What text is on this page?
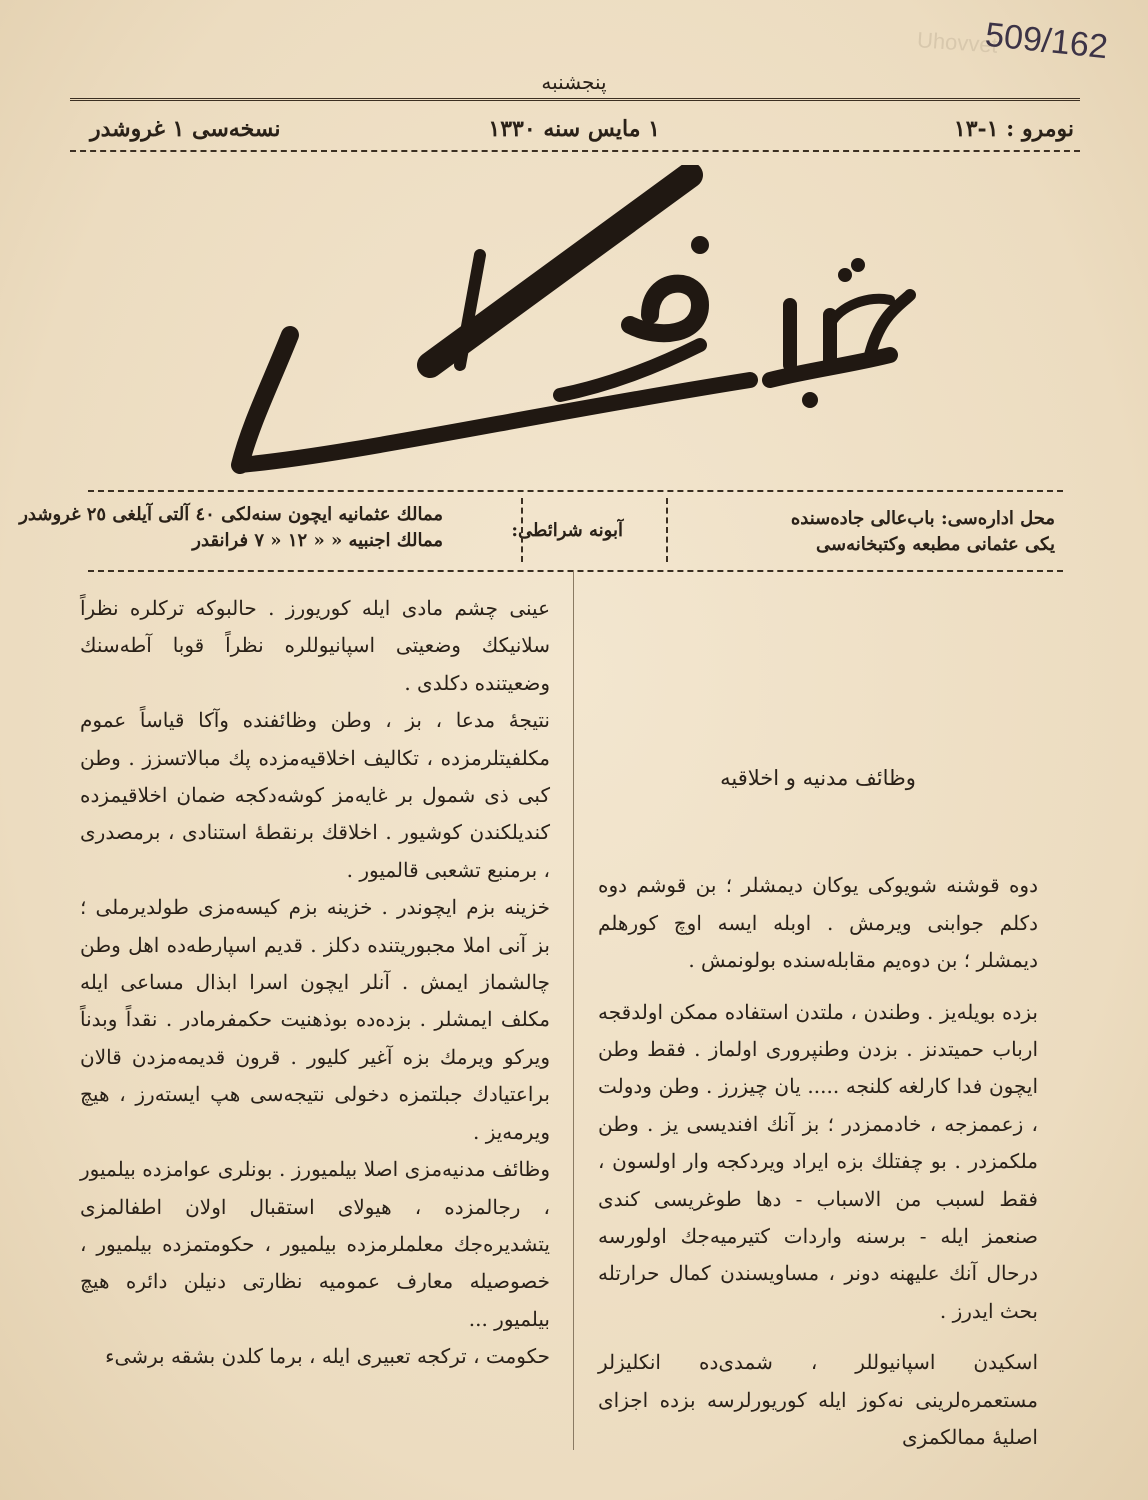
Uhovvet
509/162
پنجشنبه
نومرو : ١-١٣
١ مايس سنه ١٣٣٠
نسخه‌سی ١ غروشدر
محل اداره‌سی: باب‌عالی جاده‌سنده
يكی عثمانی مطبعه وكتبخانه‌سی
آبونه شرائطی:
ممالك عثمانيه ايچون سنه‌لكی ٤٠ آلتی آيلغی ٢٥ غروشدر
ممالك اجنبيه « « ١٢ « ٧ فرانقدر

وظائف مدنيه و اخلاقيه

دوه قوشنه شويوكی يوكان ديمشلر ؛ بن قوشم دوه دكلم جوابنی ويرمش . اوبله ايسه اوچ كورهلم ديمشلر ؛ بن دوه‌يم مقابله‌سنده بولونمش .

بزده بويله‌يز . وطندن ، ملتدن استفاده ممكن اولدقجه ارباب حميتدنز . بزدن وطنپروری اولماز . فقط وطن ايچون فدا كارلغه كلنجه ..... يان چيزرز . وطن ودولت ، زعممزجه ، خادممزدر ؛ بز آنك افنديسی يز . وطن ملكمزدر . بو چفتلك بزه ايراد ويردكجه وار اولسون ، فقط لسبب من الاسباب - دها طوغريسی كندی صنعمز ايله - برسنه واردات كتيرميه‌جك اولورسه درحال آنك عليهنه دونر ، مساويسندن كمال حرارتله بحث ايدرز .

اسكيدن اسپانيوللر ، شمدی‌ده انكليزلر مستعمره‌لرينی نه‌كوز ايله كوريورلرسه بزده اجزای اصليهٔ ممالكمزی

عينی چشم مادی ايله كوريورز . حالبوكه تركلره نظراً سلانيكك وضعيتی اسپانيوللره نظراً قوبا آطه‌سنك وضعيتنده دكلدی .

نتيجهٔ مدعا ، بز ، وطن وظائفنده وآكا قياساً عموم مكلفيتلرمزده ، تكاليف اخلاقيه‌مزده پك مبالاتسزز . وطن كبی ذی شمول بر غايه‌مز كوشه‌دكجه ضمان اخلاقيمزده كنديلكندن كوشيور . اخلاقك برنقطهٔ استنادی ، برمصدری ، برمنبع تشعبی قالميور .

خزينه بزم ايچوندر . خزينه بزم كيسه‌مزی طولديرملی ؛ بز آنی املا مجبوريتنده دكلز . قديم اسپارطه‌ده اهل وطن چالشماز ايمش . آنلر ايچون اسرا ابذال مساعی ايله مكلف ايمشلر . بزده‌ده بوذهنيت حكمفرمادر . نقداً وبدناً ويركو ويرمك بزه آغير كليور . قرون قديمه‌مزدن قالان براعتيادك جبلتمزه دخولی نتيجه‌سی هپ ايسته‌رز ، هيچ ويرمه‌يز .

وظائف مدنيه‌مزی اصلا بيلميورز . بونلری عوامزده بيلميور ، رجالمزده ، هيولای استقبال اولان اطفالمزی يتشديره‌جك معلملرمزده بيلميور ، حكومتمزده بيلميور ، خصوصيله معارف عموميه نظارتی دنيلن دائره هيچ بيلميور ...

حكومت ، تركجه تعبيری ايله ، برما كلدن بشقه برشیء
